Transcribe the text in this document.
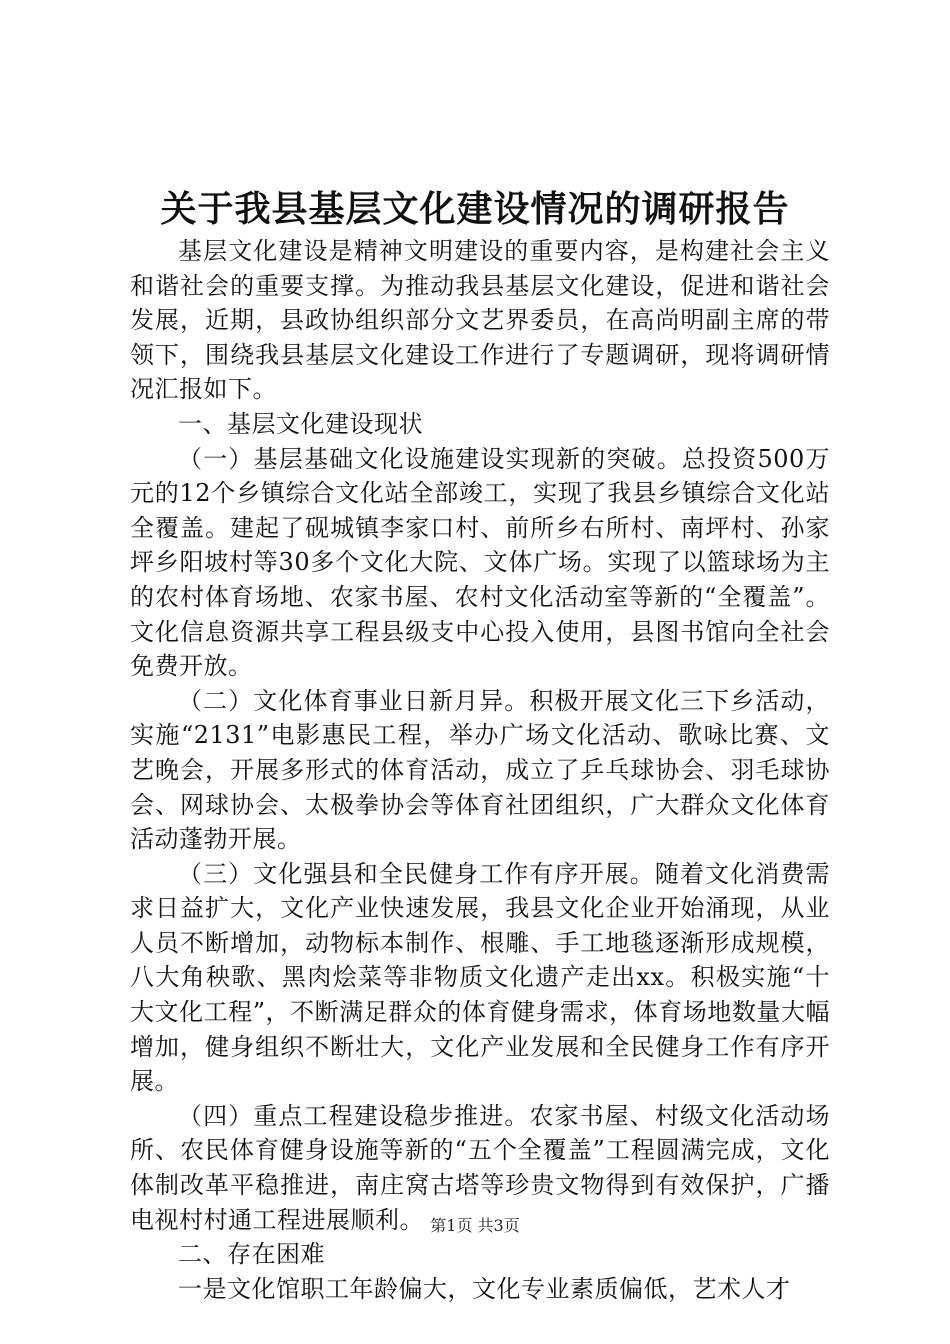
关于我县基层文化建设情况的调研报告

基层文化建设是精神文明建设的重要内容，是构建社会主义和谐社会的重要支撑。为推动我县基层文化建设，促进和谐社会发展，近期，县政协组织部分文艺界委员，在高尚明副主席的带领下，围绕我县基层文化建设工作进行了专题调研，现将调研情况汇报如下。

一、基层文化建设现状

（一）基层基础文化设施建设实现新的突破。总投资500万元的12个乡镇综合文化站全部竣工，实现了我县乡镇综合文化站全覆盖。建起了砚城镇李家口村、前所乡右所村、南坪村、孙家坪乡阳坡村等30多个文化大院、文体广场。实现了以篮球场为主的农村体育场地、农家书屋、农村文化活动室等新的“全覆盖”。文化信息资源共享工程县级支中心投入使用，县图书馆向全社会免费开放。

（二）文化体育事业日新月异。积极开展文化三下乡活动，实施“2131”电影惠民工程，举办广场文化活动、歌咏比赛、文艺晚会，开展多形式的体育活动，成立了乒乓球协会、羽毛球协会、网球协会、太极拳协会等体育社团组织，广大群众文化体育活动蓬勃开展。

（三）文化强县和全民健身工作有序开展。随着文化消费需求日益扩大，文化产业快速发展，我县文化企业开始涌现，从业人员不断增加，动物标本制作、根雕、手工地毯逐渐形成规模，八大角秧歌、黑肉烩菜等非物质文化遗产走出xx。积极实施“十大文化工程”，不断满足群众的体育健身需求，体育场地数量大幅增加，健身组织不断壮大，文化产业发展和全民健身工作有序开展。

（四）重点工程建设稳步推进。农家书屋、村级文化活动场所、农民体育健身设施等新的“五个全覆盖”工程圆满完成，文化体制改革平稳推进，南庄窝古塔等珍贵文物得到有效保护，广播电视村村通工程进展顺利。

二、存在困难

一是文化馆职工年龄偏大，文化专业素质偏低，艺术人才

第1页 共3页
